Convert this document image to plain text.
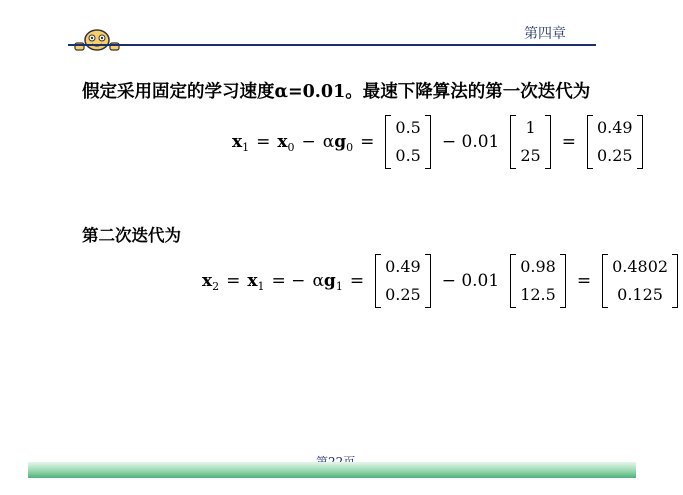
第四章
假定采用固定的学习速度α=0.01。最速下降算法的第一次迭代为
x 1 = x 0 − α g 0 =
0.5
0.5
− 0.01
1
25
=
0.49
0.25
第二次迭代为
x 2 = x 1 = − α g 1 =
0.49
0.25
− 0.01
0.98
12.5
=
0.4802
0.125
